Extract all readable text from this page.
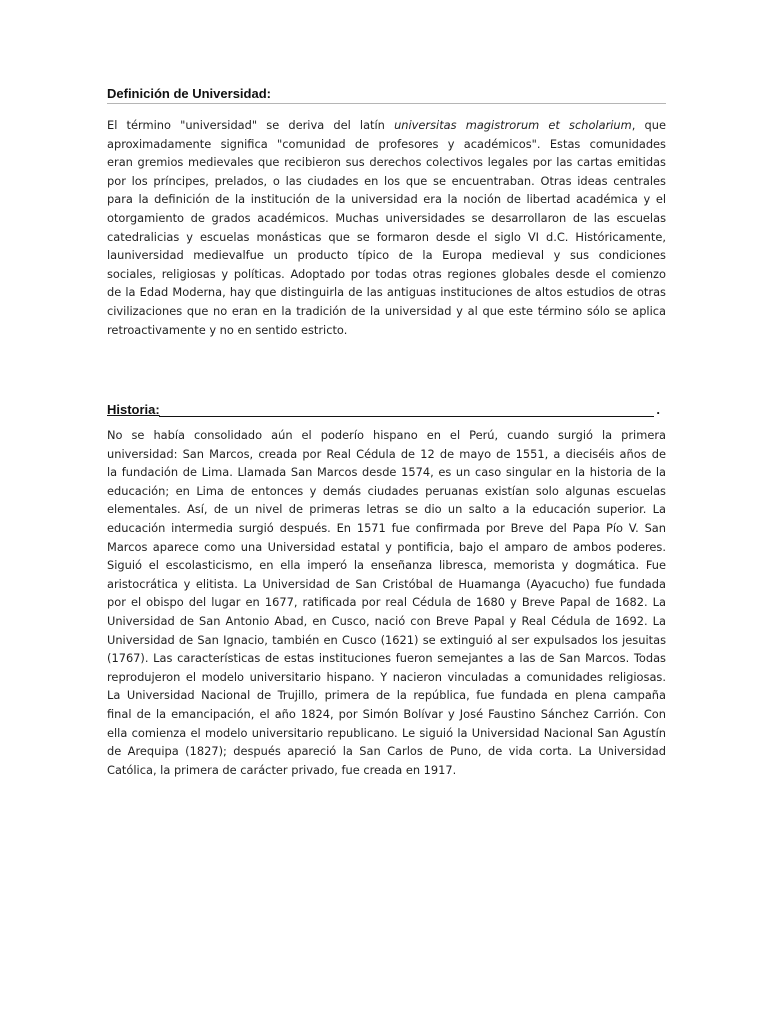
Definición de Universidad:

El término "universidad" se deriva del latín universitas magistrorum et scholarium, que
aproximadamente significa "comunidad de profesores y académicos". Estas comunidades
eran gremios medievales que recibieron sus derechos colectivos legales por las cartas emitidas
por los príncipes, prelados, o las ciudades en los que se encuentraban. Otras ideas centrales
para la definición de la institución de la universidad era la noción de libertad académica y el
otorgamiento de grados académicos. Muchas universidades se desarrollaron de las escuelas
catedralicias y escuelas monásticas que se formaron desde el siglo VI d.C. Históricamente,
launiversidad medievalfue un producto típico de la Europa medieval y sus condiciones
sociales, religiosas y políticas. Adoptado por todas otras regiones globales desde el comienzo
de la Edad Moderna, hay que distinguirla de las antiguas instituciones de altos estudios de otras
civilizaciones que no eran en la tradición de la universidad y al que este término sólo se aplica
retroactivamente y no en sentido estricto.

Historia:	.

No se había consolidado aún el poderío hispano en el Perú, cuando surgió la primera
universidad: San Marcos, creada por Real Cédula de 12 de mayo de 1551, a dieciséis años de
la fundación de Lima. Llamada San Marcos desde 1574, es un caso singular en la historia de la
educación; en Lima de entonces y demás ciudades peruanas existían solo algunas escuelas
elementales. Así, de un nivel de primeras letras se dio un salto a la educación superior. La
educación intermedia surgió después. En 1571 fue confirmada por Breve del Papa Pío V. San
Marcos aparece como una Universidad estatal y pontificia, bajo el amparo de ambos poderes.
Siguió el escolasticismo, en ella imperó la enseñanza libresca, memorista y dogmática. Fue
aristocrática y elitista. La Universidad de San Cristóbal de Huamanga (Ayacucho) fue fundada
por el obispo del lugar en 1677, ratificada por real Cédula de 1680 y Breve Papal de 1682. La
Universidad de San Antonio Abad, en Cusco, nació con Breve Papal y Real Cédula de 1692. La
Universidad de San Ignacio, también en Cusco (1621) se extinguió al ser expulsados los jesuitas
(1767). Las características de estas instituciones fueron semejantes a las de San Marcos. Todas
reprodujeron el modelo universitario hispano. Y nacieron vinculadas a comunidades religiosas.
La Universidad Nacional de Trujillo, primera de la república, fue fundada en plena campaña
final de la emancipación, el año 1824, por Simón Bolívar y José Faustino Sánchez Carrión. Con
ella comienza el modelo universitario republicano. Le siguió la Universidad Nacional San Agustín
de Arequipa (1827); después apareció la San Carlos de Puno, de vida corta. La Universidad
Católica, la primera de carácter privado, fue creada en 1917.
